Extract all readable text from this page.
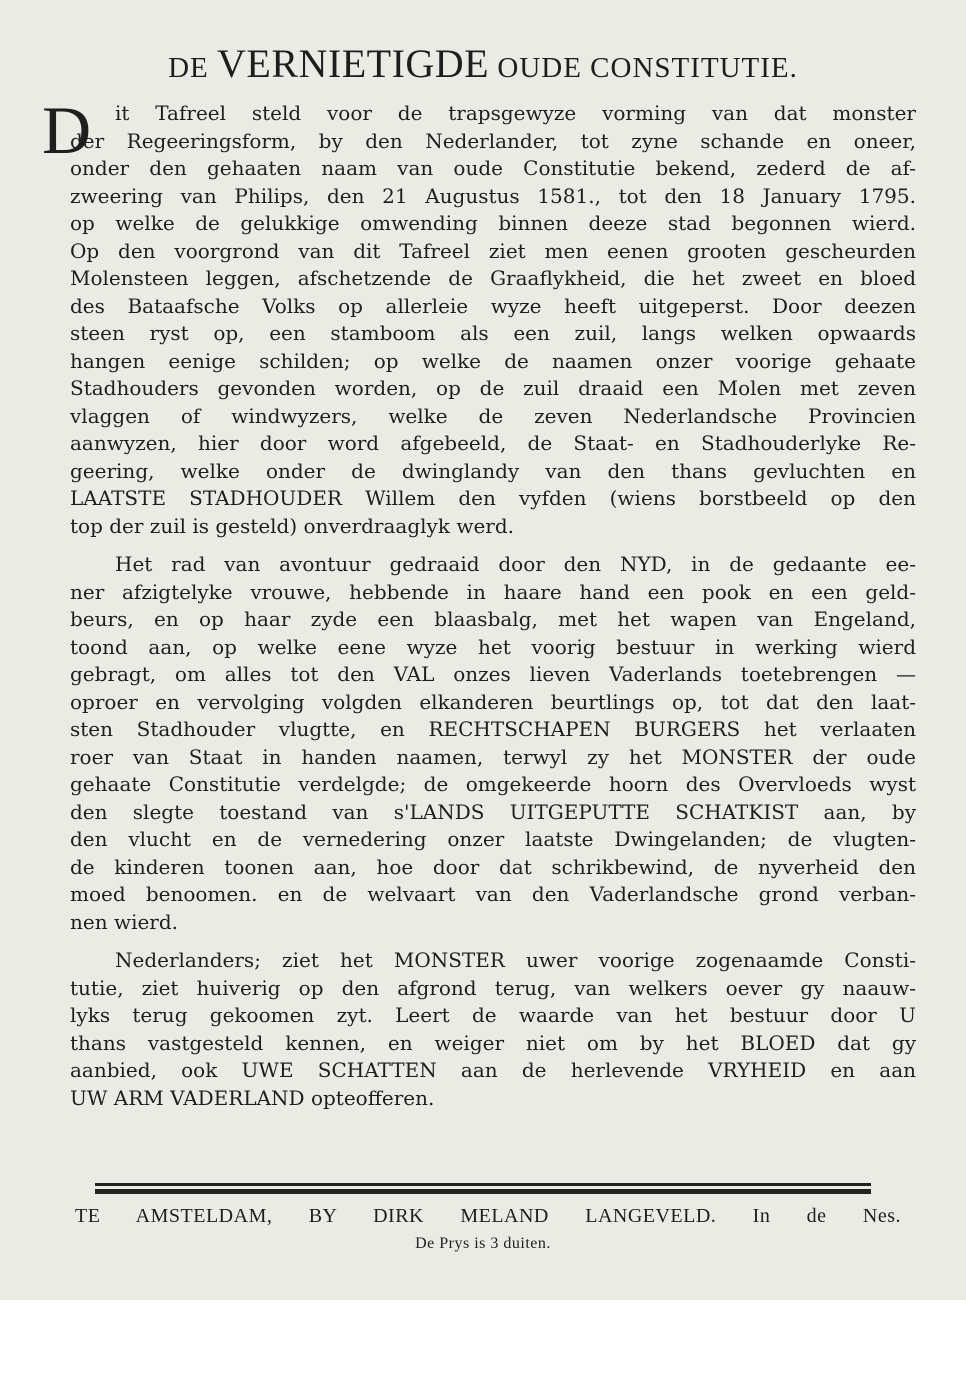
DE VERNIETIGDE OUDE CONSTITUTIE.
D	it Tafreel steld voor de trapsgewyze vorming van dat monster
der Regeeringsform, by den Nederlander, tot zyne schande en oneer,
onder den gehaaten naam van oude Constitutie bekend, zederd de af-
zweering van Philips, den 21 Augustus 1581., tot den 18 January 1795.
op welke de gelukkige omwending binnen deeze stad begonnen wierd.
Op den voorgrond van dit Tafreel ziet men eenen grooten gescheurden
Molensteen leggen, afschetzende de Graaflykheid, die het zweet en bloed
des Bataafsche Volks op allerleie wyze heeft uitgeperst. Door deezen
steen ryst op, een stamboom als een zuil, langs welken opwaards
hangen eenige schilden; op welke de naamen onzer voorige gehaate
Stadhouders gevonden worden, op de zuil draaid een Molen met zeven
vlaggen of windwyzers, welke de zeven Nederlandsche Provincien
aanwyzen, hier door word afgebeeld, de Staat- en Stadhouderlyke Re-
geering, welke onder de dwinglandy van den thans gevluchten en
LAATSTE STADHOUDER Willem den vyfden (wiens borstbeeld op den
top der zuil is gesteld) onverdraaglyk werd.
Het rad van avontuur gedraaid door den NYD, in de gedaante ee-
ner afzigtelyke vrouwe, hebbende in haare hand een pook en een geld-
beurs, en op haar zyde een blaasbalg, met het wapen van Engeland,
toond aan, op welke eene wyze het voorig bestuur in werking wierd
gebragt, om alles tot den VAL onzes lieven Vaderlands toetebrengen —
oproer en vervolging volgden elkanderen beurtlings op, tot dat den laat-
sten Stadhouder vlugtte, en RECHTSCHAPEN BURGERS het verlaaten
roer van Staat in handen naamen, terwyl zy het MONSTER der oude
gehaate Constitutie verdelgde; de omgekeerde hoorn des Overvloeds wyst
den slegte toestand van s'LANDS UITGEPUTTE SCHATKIST aan, by
den vlucht en de vernedering onzer laatste Dwingelanden; de vlugten-
de kinderen toonen aan, hoe door dat schrikbewind, de nyverheid den
moed benoomen. en de welvaart van den Vaderlandsche grond verban-
nen wierd.
Nederlanders; ziet het MONSTER uwer voorige zogenaamde Consti-
tutie, ziet huiverig op den afgrond terug, van welkers oever gy naauw-
lyks terug gekoomen zyt. Leert de waarde van het bestuur door U
thans vastgesteld kennen, en weiger niet om by het BLOED dat gy
aanbied, ook UWE SCHATTEN aan de herlevende VRYHEID en aan
UW ARM VADERLAND opteofferen.
TE AMSTELDAM, BY DIRK MELAND LANGEVELD. In de Nes.
De Prys is 3 duiten.
